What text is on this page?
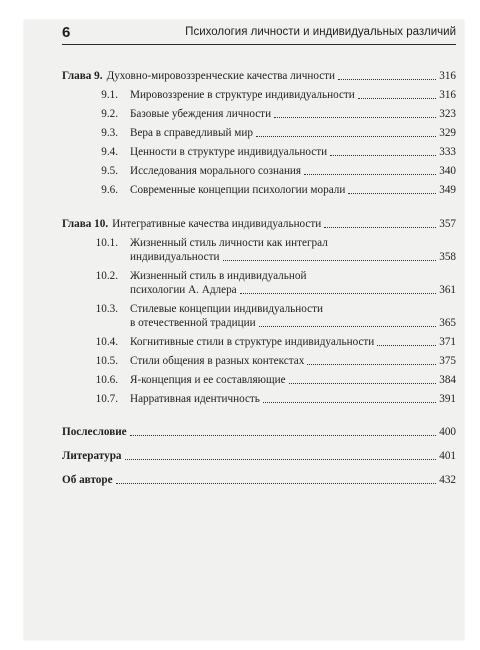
6	Психология личности и индивидуальных различий
Глава 9. Духовно-мировоззренческие качества личности	316
9.1. Мировоззрение в структуре индивидуальности	316
9.2. Базовые убеждения личности	323
9.3. Вера в справедливый мир	329
9.4. Ценности в структуре индивидуальности	333
9.5. Исследования морального сознания	340
9.6. Современные концепции психологии морали	349
Глава 10. Интегративные качества индивидуальности	357
10.1. Жизненный стиль личности как интеграл
индивидуальности	358
10.2. Жизненный стиль в индивидуальной
психологии А. Адлера	361
10.3. Стилевые концепции индивидуальности
в отечественной традиции	365
10.4. Когнитивные стили в структуре индивидуальности	371
10.5. Стили общения в разных контекстах	375
10.6. Я-концепция и ее составляющие	384
10.7. Нарративная идентичность	391
Послесловие	400
Литература	401
Об авторе	432
